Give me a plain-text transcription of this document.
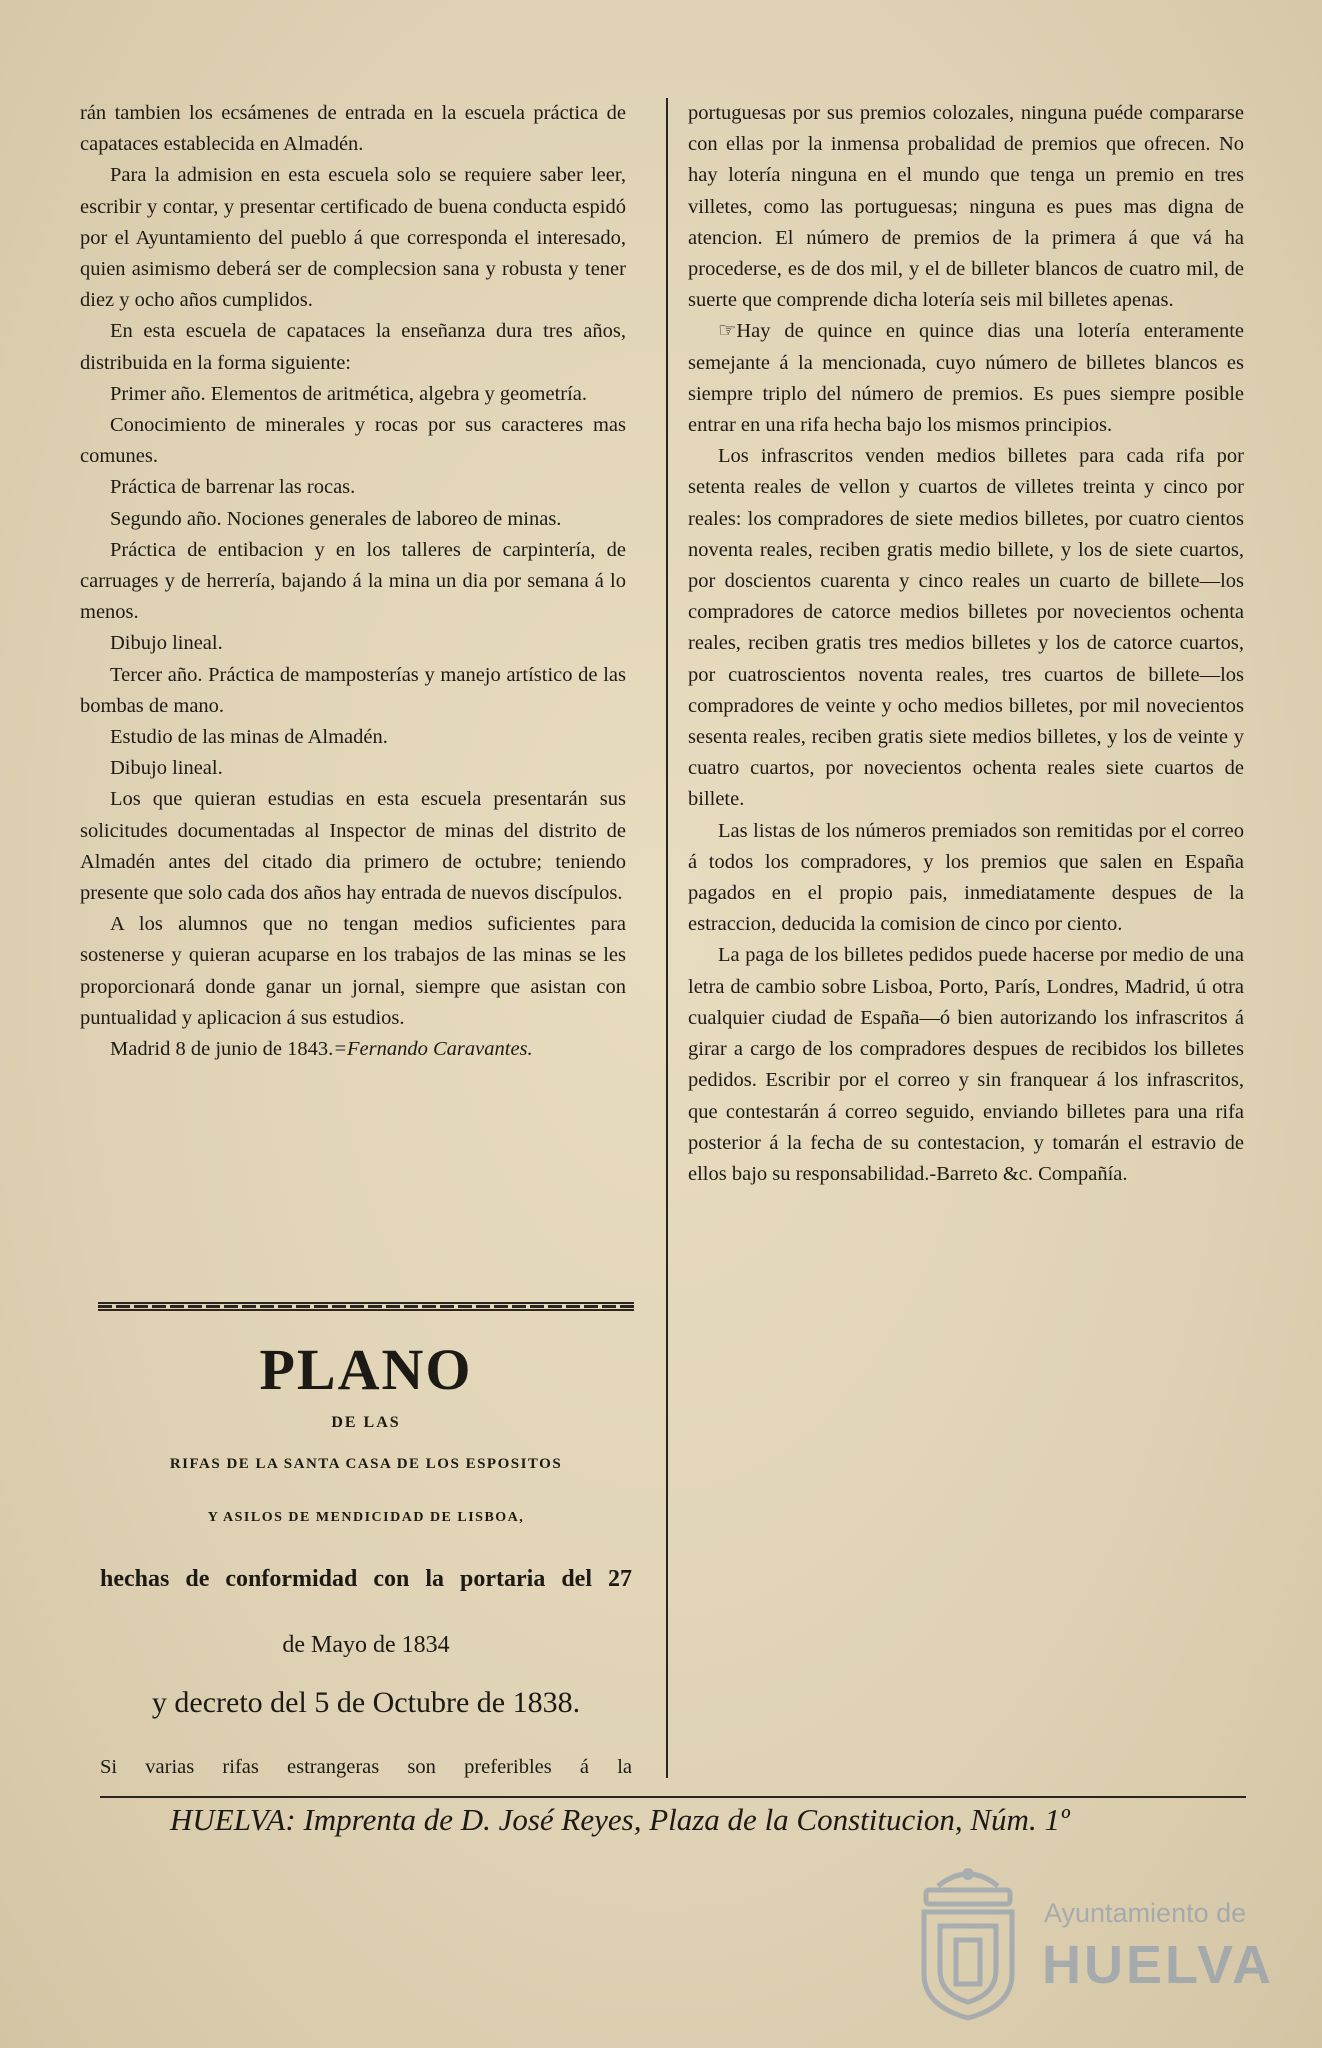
rán tambien los ecsámenes de entrada en la escuela práctica de capataces establecida en Almadén.

Para la admision en esta escuela solo se requiere saber leer, escribir y contar, y presentar certificado de buena conducta espidó por el Ayuntamiento del pueblo á que corresponda el interesado, quien asimismo deberá ser de complecsion sana y robusta y tener diez y ocho años cumplidos.

En esta escuela de capataces la enseñanza dura tres años, distribuida en la forma siguiente:

Primer año. Elementos de aritmética, algebra y geometría.

Conocimiento de minerales y rocas por sus caracteres mas comunes.

Práctica de barrenar las rocas.

Segundo año. Nociones generales de laboreo de minas.

Práctica de entibacion y en los talleres de carpintería, de carruages y de herrería, bajando á la mina un dia por semana á lo menos.

Dibujo lineal.

Tercer año. Práctica de mamposterías y manejo artístico de las bombas de mano.

Estudio de las minas de Almadén.

Dibujo lineal.

Los que quieran estudias en esta escuela presentarán sus solicitudes documentadas al Inspector de minas del distrito de Almadén antes del citado dia primero de octubre; teniendo presente que solo cada dos años hay entrada de nuevos discípulos.

A los alumnos que no tengan medios suficientes para sostenerse y quieran acuparse en los trabajos de las minas se les proporcionará donde ganar un jornal, siempre que asistan con puntualidad y aplicacion á sus estudios.

Madrid 8 de junio de 1843.=Fernando Caravantes.

PLANO
DE LAS
RIFAS DE LA SANTA CASA DE LOS ESPOSITOS
Y ASILOS DE MENDICIDAD DE LISBOA,
hechas de conformidad con la portaria del 27
de Mayo de 1834
y decreto del 5 de Octubre de 1838.
Si varias rifas estrangeras son preferibles á la

portuguesas por sus premios colozales, ninguna puéde compararse con ellas por la inmensa probalidad de premios que ofrecen. No hay lotería ninguna en el mundo que tenga un premio en tres villetes, como las portuguesas; ninguna es pues mas digna de atencion. El número de premios de la primera á que vá ha procederse, es de dos mil, y el de billeter blancos de cuatro mil, de suerte que comprende dicha lotería seis mil billetes apenas.

☞Hay de quince en quince dias una lotería enteramente semejante á la mencionada, cuyo número de billetes blancos es siempre triplo del número de premios. Es pues siempre posible entrar en una rifa hecha bajo los mismos principios.

Los infrascritos venden medios billetes para cada rifa por setenta reales de vellon y cuartos de villetes treinta y cinco por reales: los compradores de siete medios billetes, por cuatro cientos noventa reales, reciben gratis medio billete, y los de siete cuartos, por doscientos cuarenta y cinco reales un cuarto de billete—los compradores de catorce medios billetes por novecientos ochenta reales, reciben gratis tres medios billetes y los de catorce cuartos, por cuatroscientos noventa reales, tres cuartos de billete—los compradores de veinte y ocho medios billetes, por mil novecientos sesenta reales, reciben gratis siete medios billetes, y los de veinte y cuatro cuartos, por novecientos ochenta reales siete cuartos de billete.

Las listas de los números premiados son remitidas por el correo á todos los compradores, y los premios que salen en España pagados en el propio pais, inmediatamente despues de la estraccion, deducida la comision de cinco por ciento.

La paga de los billetes pedidos puede hacerse por medio de una letra de cambio sobre Lisboa, Porto, París, Londres, Madrid, ú otra cualquier ciudad de España—ó bien autorizando los infrascritos á girar a cargo de los compradores despues de recibidos los billetes pedidos. Escribir por el correo y sin franquear á los infrascritos, que contestarán á correo seguido, enviando billetes para una rifa posterior á la fecha de su contestacion, y tomarán el estravio de ellos bajo su responsabilidad.-Barreto &c. Compañía.

HUELVA: Imprenta de D. José Reyes, Plaza de la Constitucion, Núm. 1º
Ayuntamiento de
HUELVA
